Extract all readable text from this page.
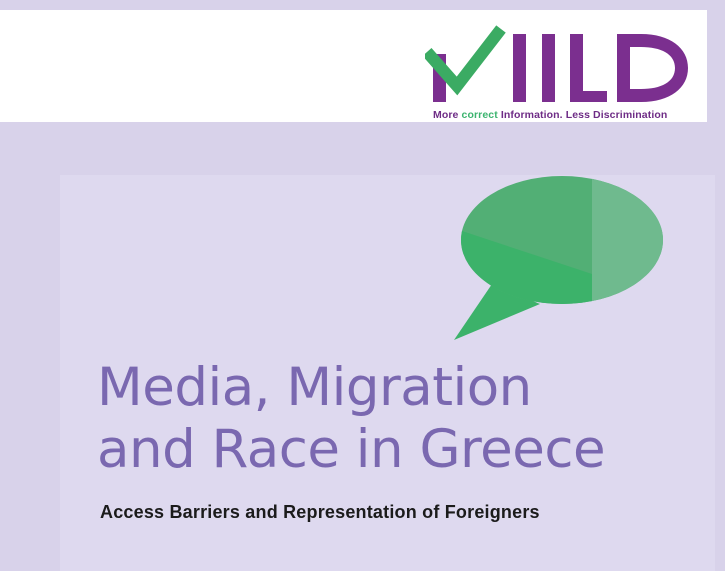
More correct Information. Less Discrimination
Media, Migration
and Race in Greece
Access Barriers and Representation of Foreigners
